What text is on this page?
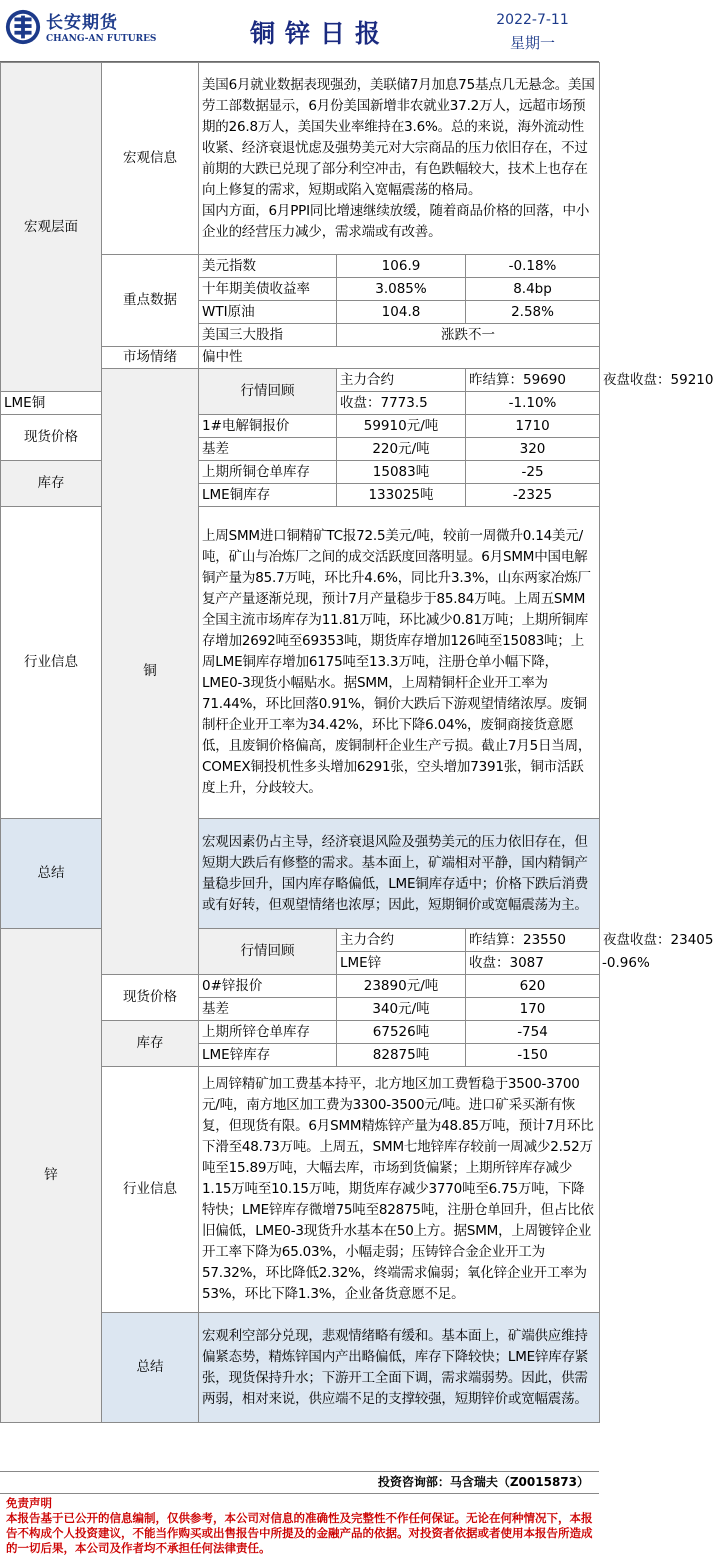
长安期货
CHANG-AN FUTURES	铜锌日报	2022-7-11
星期一
宏观层面	宏观信息	美国6月就业数据表现强劲，美联储7月加息75基点几无悬念。美国劳工部数据显示，6月份美国新增非农就业37.2万人，远超市场预期的26.8万人，美国失业率维持在3.6%。总的来说，海外流动性收紧、经济衰退忧虑及强势美元对大宗商品的压力依旧存在，不过前期的大跌已兑现了部分利空冲击，有色跌幅较大，技术上也存在向上修复的需求，短期或陷入宽幅震荡的格局。
国内方面，6月PPI同比增速继续放缓，随着商品价格的回落，中小企业的经营压力减少，需求端或有改善。			

	重点数据	美元指数	106.9	-0.18%	
		十年期美债收益率	3.085%	8.4bp	
		WTI原油	104.8	2.58%	
		美国三大股指	涨跌不一		
	市场情绪	偏中性			
	铜	行情回顾	主力合约	昨结算：59690	夜盘收盘：59210
LME铜			收盘：7773.5	-1.10%	
现货价格		1#电解铜报价	59910元/吨	1710	
		基差	220元/吨	320	
库存		上期所铜仓单库存	15083吨	-25	
		LME铜库存	133025吨	-2325	
行业信息		上周SMM进口铜精矿TC报72.5美元/吨，较前一周微升0.14美元/吨，矿山与冶炼厂之间的成交活跃度回落明显。6月SMM中国电解铜产量为85.7万吨，环比升4.6%，同比升3.3%，山东两家冶炼厂复产产量逐渐兑现，预计7月产量稳步于85.84万吨。上周五SMM全国主流市场库存为11.81万吨，环比减少0.81万吨；上期所铜库存增加2692吨至69353吨，期货库存增加126吨至15083吨；上周LME铜库存增加6175吨至13.3万吨，注册仓单小幅下降，LME0-3现货小幅贴水。据SMM，上周精铜杆企业开工率为71.44%，环比回落0.91%，铜价大跌后下游观望情绪浓厚。废铜制杆企业开工率为34.42%，环比下降6.04%，废铜商接货意愿低，且废铜价格偏高，废铜制杆企业生产亏损。截止7月5日当周，COMEX铜投机性多头增加6291张，空头增加7391张，铜市活跃度上升，分歧较大。			
总结		宏观因素仍占主导，经济衰退风险及强势美元的压力依旧存在，但短期大跌后有修整的需求。基本面上，矿端相对平静，国内精铜产量稳步回升，国内库存略偏低，LME铜库存适中；价格下跌后消费或有好转，但观望情绪也浓厚；因此，短期铜价或宽幅震荡为主。			
锌		行情回顾	主力合约	昨结算：23550	夜盘收盘：23405
			LME锌	收盘：3087	-0.96%
	现货价格	0#锌报价	23890元/吨	620	
		基差	340元/吨	170	
	库存	上期所锌仓单库存	67526吨	-754	
		LME锌库存	82875吨	-150	
	行业信息	上周锌精矿加工费基本持平，北方地区加工费暂稳于3500-3700元/吨，南方地区加工费为3300-3500元/吨。进口矿采买渐有恢复，但现货有限。6月SMM精炼锌产量为48.85万吨，预计7月环比下滑至48.73万吨。上周五，SMM七地锌库存较前一周减少2.52万吨至15.89万吨，大幅去库，市场到货偏紧；上期所锌库存减少1.15万吨至10.15万吨，期货库存减少3770吨至6.75万吨，下降特快；LME锌库存微增75吨至82875吨，注册仓单回升，但占比依旧偏低，LME0-3现货升水基本在50上方。据SMM，上周镀锌企业开工率下降为65.03%，小幅走弱；压铸锌合金企业开工为57.32%，环比降低2.32%，终端需求偏弱；氧化锌企业开工率为53%，环比下降1.3%，企业备货意愿不足。			
	总结	宏观利空部分兑现，悲观情绪略有缓和。基本面上，矿端供应维持偏紧态势，精炼锌国内产出略偏低，库存下降较快；LME锌库存紧张，现货保持升水；下游开工全面下调，需求端弱势。因此，供需两弱，相对来说，供应端不足的支撑较强，短期锌价或宽幅震荡。			
投资咨询部：马含瑞夫（Z0015873）
免责声明
本报告基于已公开的信息编制，仅供参考，本公司对信息的准确性及完整性不作任何保证。无论在何种情况下，本报告不构成个人投资建议，不能当作购买或出售报告中所提及的金融产品的依据。对投资者依据或者使用本报告所造成的一切后果，本公司及作者均不承担任何法律责任。
